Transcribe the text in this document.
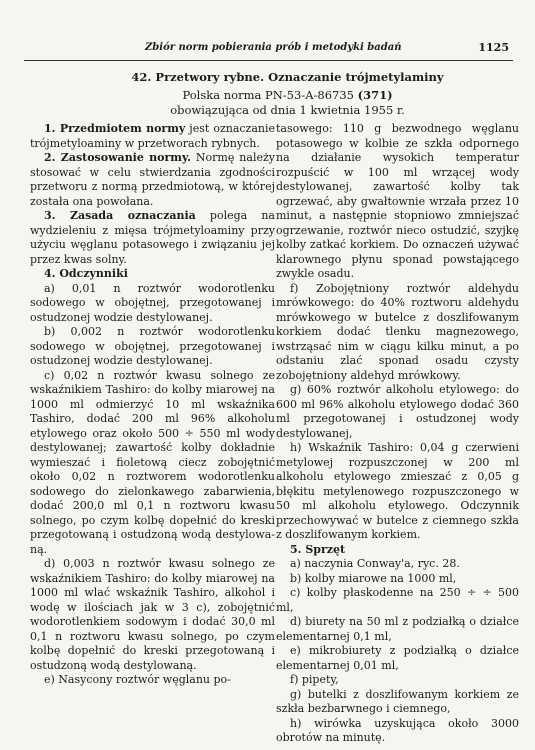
Zbiór norm pobierania prób i metodyki badań	1125
42. Przetwory rybne. Oznaczanie trójmetylaminy
Polska norma PN-53-A-86735 (371)
obowiązująca od dnia 1 kwietnia 1955 r.

1. Przedmiotem normy jest oznaczanie trójmetyloaminy w przetworach rybnych.

2. Zastosowanie normy. Normę należy stosować w celu stwierdzania zgodności przetworu z normą przedmiotową, w której została ona powołana.

3. Zasada oznaczania polega na wydzieleniu z mięsa trójmetyloaminy przy użyciu węglanu potasowego i związaniu jej przez kwas solny.

4. Odczynniki

a) 0,01 n roztwór wodorotlenku sodowego w obojętnej, przegotowanej i ostudzonej wodzie destylowanej.

b) 0,002 n roztwór wodorotlenku sodowego w obojętnej, przegotowanej i ostudzonej wodzie destylowanej.

c) 0,02 n roztwór kwasu solnego ze wskaźnikiem Tashiro: do kolby miarowej na 1000 ml odmierzyć 10 ml wskaźnika Tashiro, dodać 200 ml 96% alkoholu etylowego oraz około 500 ÷ 550 ml wody destylowanej; zawartość kolby dokładnie wymieszać i fioletową ciecz zobojętnić około 0,02 n roztworem wodorotlenku sodowego do zielonkawego zabarwienia, dodać 200,0 ml 0,1 n roztworu kwasu solnego, po czym kolbę dopełnić do kreski przegotowaną i ostudzoną wodą destylowaną.

d) 0,003 n roztwór kwasu solnego ze wskaźnikiem Tashiro: do kolby miarowej na 1000 ml wlać wskaźnik Tashiro, alkohol i wodę w ilościach jak w 3 c), zobojętnić wodorotlenkiem sodowym i dodać 30,0 ml 0,1 n roztworu kwasu solnego, po czym kolbę dopełnić do kreski przegotowaną i ostudzoną wodą destylowaną.

e) Nasycony roztwór węglanu po-

tasowego: 110 g bezwodnego węglanu potasowego w kolbie ze szkła odpornego na działanie wysokich temperatur rozpuścić w 100 ml wrzącej wody destylowanej, zawartość kolby tak ogrzewać, aby gwałtownie wrzała przez 10 minut, a następnie stopniowo zmniejszać ogrzewanie, roztwór nieco ostudzić, szyjkę kolby zatkać korkiem. Do oznaczeń używać klarownego płynu sponad powstającego zwykle osadu.

f) Zobojętniony roztwór aldehydu mrówkowego: do 40% roztworu aldehydu mrówkowego w butelce z doszlifowanym korkiem dodać tlenku magnezowego, wstrząsać nim w ciągu kilku minut, a po odstaniu zlać sponad osadu czysty zobojętniony aldehyd mrówkowy.

g) 60% roztwór alkoholu etylowego: do 600 ml 96% alkoholu etylowego dodać 360 ml przegotowanej i ostudzonej wody destylowanej,

h) Wskaźnik Tashiro: 0,04 g czerwieni metylowej rozpuszczonej w 200 ml alkoholu etylowego zmieszać z 0,05 g błękitu metylenowego rozpuszczonego w 50 ml alkoholu etylowego. Odczynnik przechowywać w butelce z ciemnego szkła z doszlifowanym korkiem.

5. Sprzęt

a) naczynia Conway'a, ryc. 28.

b) kolby miarowe na 1000 ml,

c) kolby płaskodenne na 250 ÷ ÷ 500 ml,

d) biurety na 50 ml z podziałką o działce elementarnej 0,1 ml,

e) mikrobiurety z podziałką o działce elementarnej 0,01 ml,

f) pipety,

g) butelki z doszlifowanym korkiem ze szkła bezbarwnego i ciemnego,

h) wirówka uzyskująca około 3000 obrotów na minutę.
